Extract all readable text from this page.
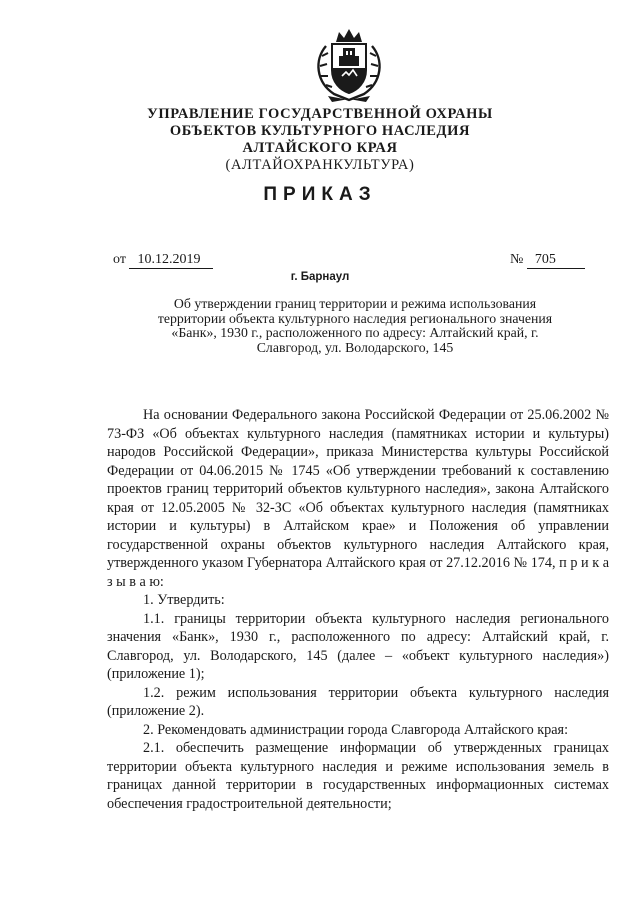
УПРАВЛЕНИЕ ГОСУДАРСТВЕННОЙ ОХРАНЫ
ОБЪЕКТОВ КУЛЬТУРНОГО НАСЛЕДИЯ
АЛТАЙСКОГО КРАЯ
(АЛТАЙОХРАНКУЛЬТУРА)
ПРИКАЗ
от 10.12.2019	№ 705
г. Барнаул
Об утверждении границ территории и режима использования территории объекта культурного наследия регионального значения «Банк», 1930 г., расположенного по адресу: Алтайский край, г. Славгород, ул. Володарского, 145

На основании Федерального закона Российской Федерации от 25.06.2002 № 73-ФЗ «Об объектах культурного наследия (памятниках истории и культуры) народов Российской Федерации», приказа Министерства культуры Российской Федерации от 04.06.2015 № 1745 «Об утверждении требований к составлению проектов границ территорий объектов культурного наследия», закона Алтайского края от 12.05.2005 № 32-ЗС «Об объектах культурного наследия (памятниках истории и культуры) в Алтайском крае» и Положения об управлении государственной охраны объектов культурного наследия Алтайского края, утвержденного указом Губернатора Алтайского края от 27.12.2016 № 174, п р и к а з ы в а ю:

1. Утвердить:

1.1. границы территории объекта культурного наследия регионального значения «Банк», 1930 г., расположенного по адресу: Алтайский край, г. Славгород, ул. Володарского, 145 (далее – «объект культурного наследия») (приложение 1);

1.2. режим использования территории объекта культурного наследия (приложение 2).

2. Рекомендовать администрации города Славгорода Алтайского края:

2.1. обеспечить размещение информации об утвержденных границах территории объекта культурного наследия и режиме использования земель в границах данной территории в государственных информационных системах обеспечения градостроительной деятельности;
